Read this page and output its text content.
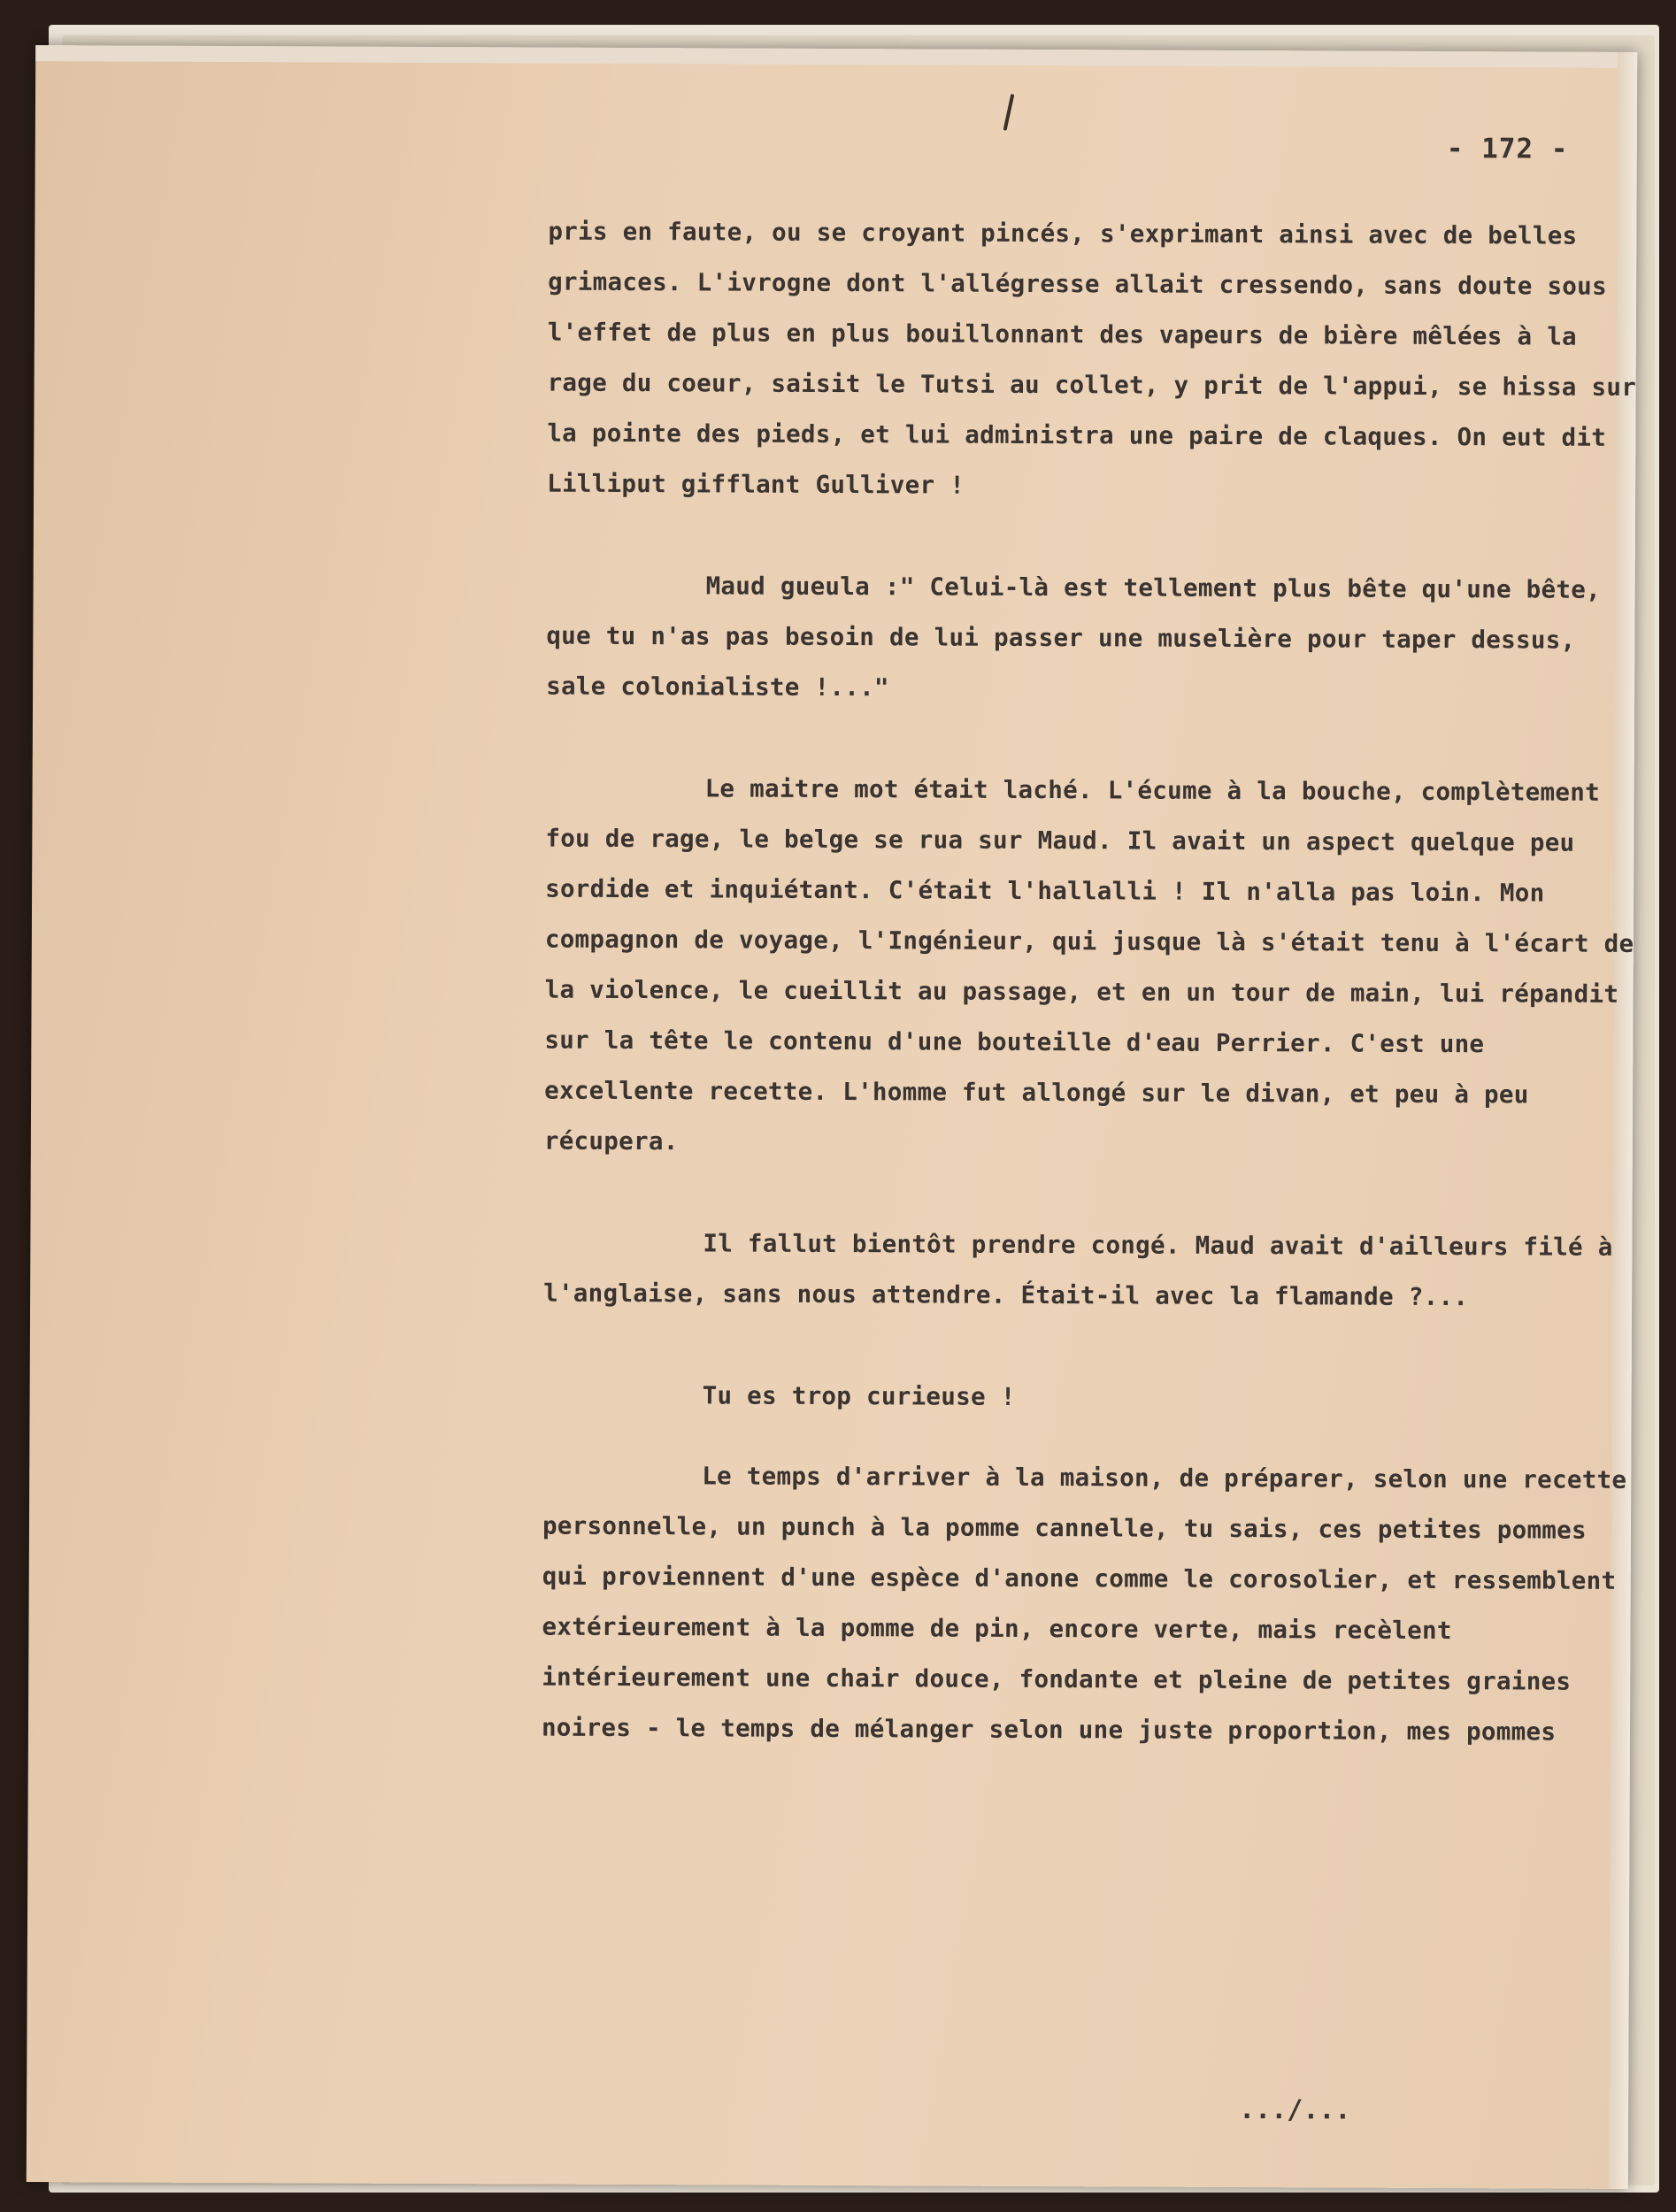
- 172 -

pris en faute, ou se croyant pincés, s'exprimant ainsi avec de belles grimaces. L'ivrogne dont l'allégresse allait cressendo, sans doute sous l'effet de plus en plus bouillonnant des vapeurs de bière mêlées à la rage du coeur, saisit le Tutsi au collet, y prit de l'appui, se hissa sur la pointe des pieds, et lui administra une paire de claques. On eut dit Lilliput gifflant Gulliver !

Maud gueula :" Celui-là est tellement plus bête qu'une bête, que tu n'as pas besoin de lui passer une muselière pour taper dessus, sale colonialiste !..."

Le maitre mot était laché. L'écume à la bouche, complètement fou de rage, le belge se rua sur Maud. Il avait un aspect quelque peu sordide et inquiétant. C'était l'hallalli ! Il n'alla pas loin. Mon compagnon de voyage, l'Ingénieur, qui jusque là s'était tenu à l'écart de la violence, le cueillit au passage, et en un tour de main, lui répandit sur la tête le contenu d'une bouteille d'eau Perrier. C'est une excellente recette. L'homme fut allongé sur le divan, et peu à peu récupera.

Il fallut bientôt prendre congé. Maud avait d'ailleurs filé à l'anglaise, sans nous attendre. Était-il avec la flamande ?...

Tu es trop curieuse !

Le temps d'arriver à la maison, de préparer, selon une recette personnelle, un punch à la pomme cannelle, tu sais, ces petites pommes qui proviennent d'une espèce d'anone comme le corosolier, et ressemblent extérieurement à la pomme de pin, encore verte, mais recèlent intérieurement une chair douce, fondante et pleine de petites graines noires - le temps de mélanger selon une juste proportion, mes pommes

.../...
